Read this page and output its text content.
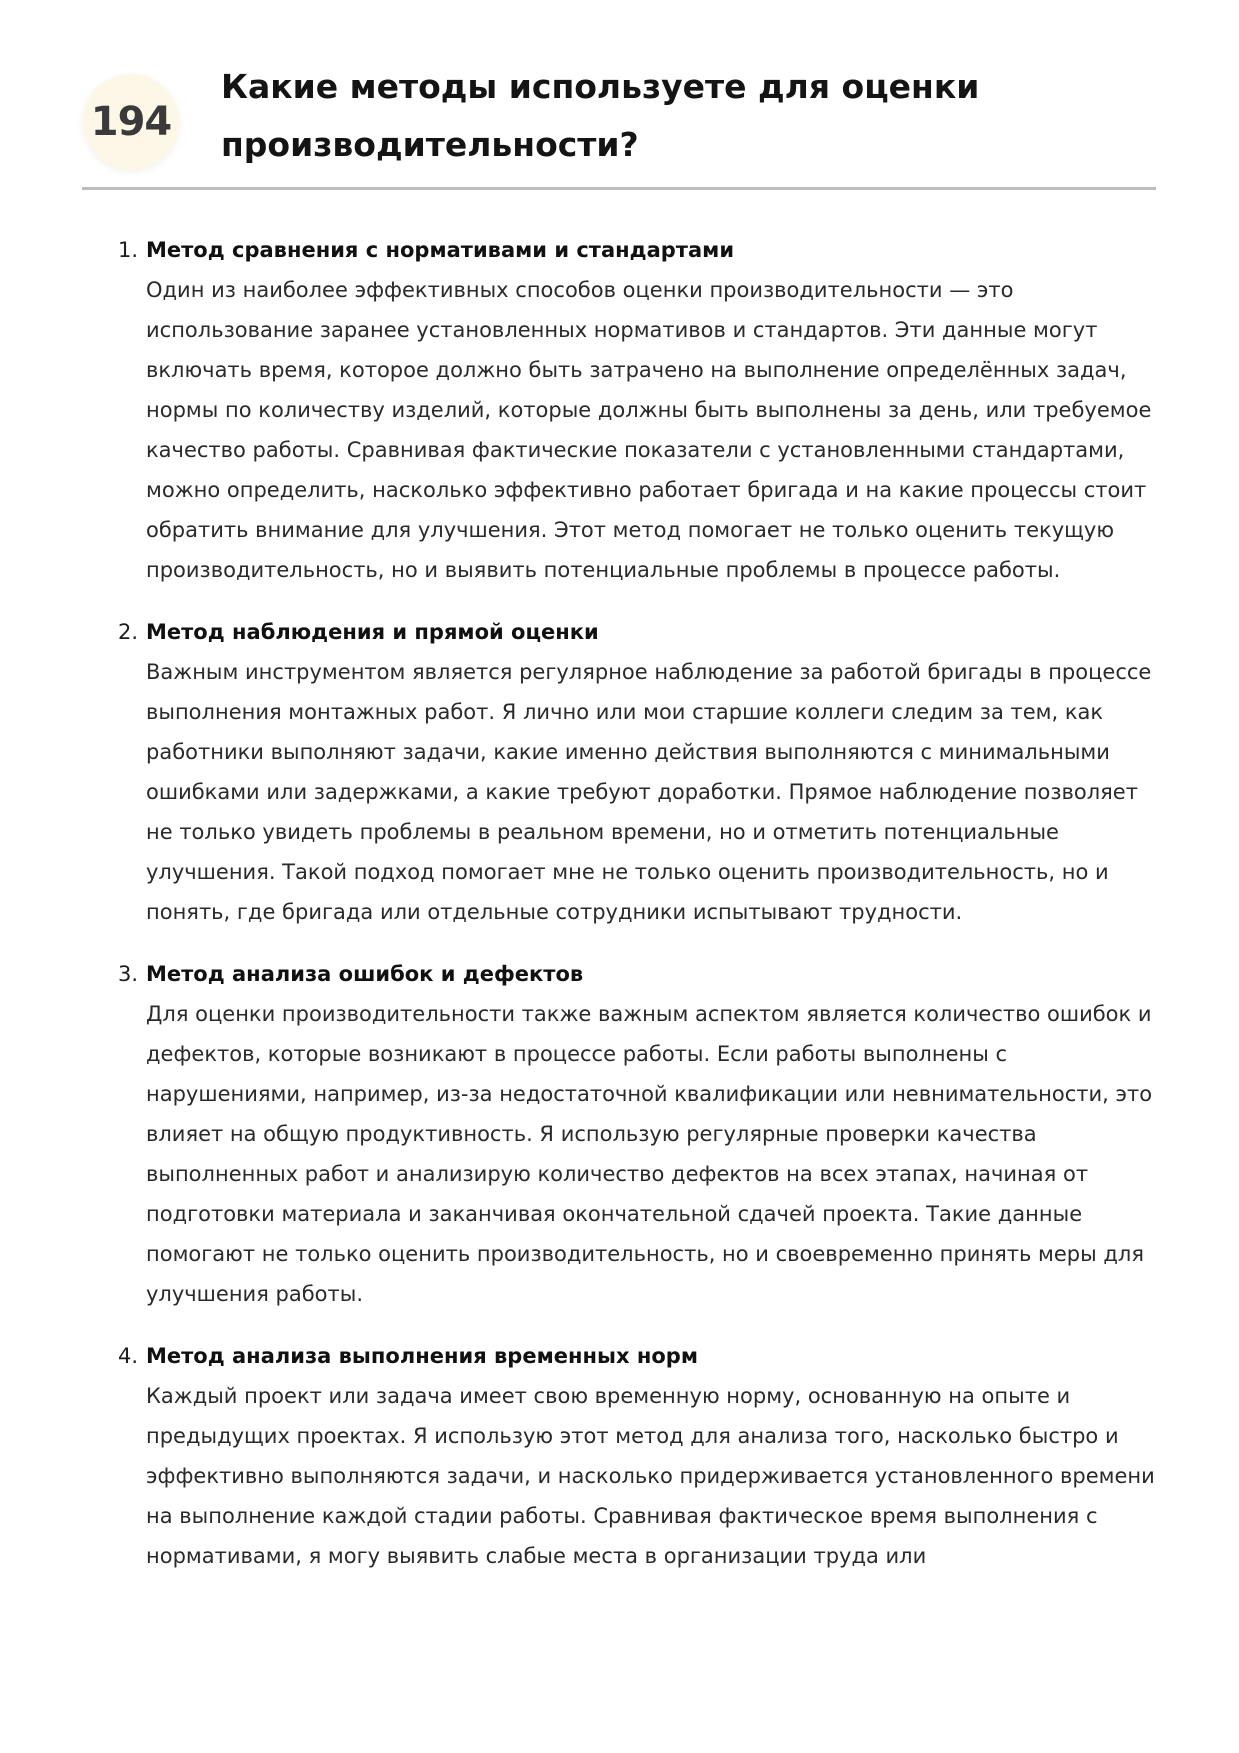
194
Какие методы используете для оценки производительности?
1. Метод сравнения с нормативами и стандартами

Один из наиболее эффективных способов оценки производительности — это использование заранее установленных нормативов и стандартов. Эти данные могут включать время, которое должно быть затрачено на выполнение определённых задач, нормы по количеству изделий, которые должны быть выполнены за день, или требуемое качество работы. Сравнивая фактические показатели с установленными стандартами, можно определить, насколько эффективно работает бригада и на какие процессы стоит обратить внимание для улучшения. Этот метод помогает не только оценить текущую производительность, но и выявить потенциальные проблемы в процессе работы.

2. Метод наблюдения и прямой оценки

Важным инструментом является регулярное наблюдение за работой бригады в процессе выполнения монтажных работ. Я лично или мои старшие коллеги следим за тем, как работники выполняют задачи, какие именно действия выполняются с минимальными ошибками или задержками, а какие требуют доработки. Прямое наблюдение позволяет не только увидеть проблемы в реальном времени, но и отметить потенциальные улучшения. Такой подход помогает мне не только оценить производительность, но и понять, где бригада или отдельные сотрудники испытывают трудности.

3. Метод анализа ошибок и дефектов

Для оценки производительности также важным аспектом является количество ошибок и дефектов, которые возникают в процессе работы. Если работы выполнены с нарушениями, например, из-за недостаточной квалификации или невнимательности, это влияет на общую продуктивность. Я использую регулярные проверки качества выполненных работ и анализирую количество дефектов на всех этапах, начиная от подготовки материала и заканчивая окончательной сдачей проекта. Такие данные помогают не только оценить производительность, но и своевременно принять меры для улучшения работы.

4. Метод анализа выполнения временных норм

Каждый проект или задача имеет свою временную норму, основанную на опыте и предыдущих проектах. Я использую этот метод для анализа того, насколько быстро и эффективно выполняются задачи, и насколько придерживается установленного времени на выполнение каждой стадии работы. Сравнивая фактическое время выполнения с нормативами, я могу выявить слабые места в организации труда или
